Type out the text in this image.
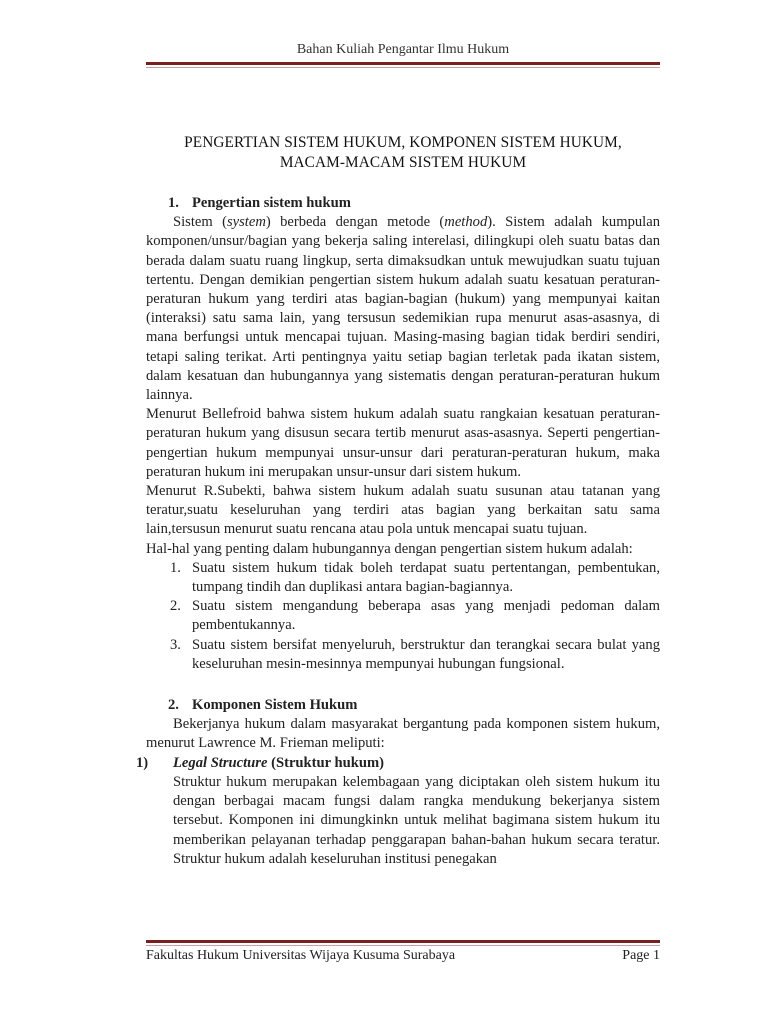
Bahan Kuliah Pengantar Ilmu Hukum
PENGERTIAN SISTEM HUKUM, KOMPONEN SISTEM HUKUM,
MACAM-MACAM SISTEM HUKUM
1. Pengertian sistem hukum

Sistem (system) berbeda dengan metode (method). Sistem adalah kumpulan komponen/unsur/bagian yang bekerja saling interelasi, dilingkupi oleh suatu batas dan berada dalam suatu ruang lingkup, serta dimaksudkan untuk mewujudkan suatu tujuan tertentu. Dengan demikian pengertian sistem hukum adalah suatu kesatuan peraturan-peraturan hukum yang terdiri atas bagian-bagian (hukum) yang mempunyai kaitan (interaksi) satu sama lain, yang tersusun sedemikian rupa menurut asas-asasnya, di mana berfungsi untuk mencapai tujuan. Masing-masing bagian tidak berdiri sendiri, tetapi saling terikat. Arti pentingnya yaitu setiap bagian terletak pada ikatan sistem, dalam kesatuan dan hubungannya yang sistematis dengan peraturan-peraturan hukum lainnya.

Menurut Bellefroid bahwa sistem hukum adalah suatu rangkaian kesatuan peraturan-peraturan hukum yang disusun secara tertib menurut asas-asasnya. Seperti pengertian-pengertian hukum mempunyai unsur-unsur dari peraturan-peraturan hukum, maka peraturan hukum ini merupakan unsur-unsur dari sistem hukum.

Menurut R.Subekti, bahwa sistem hukum adalah suatu susunan atau tatanan yang teratur,suatu keseluruhan yang terdiri atas bagian yang berkaitan satu sama lain,tersusun menurut suatu rencana atau pola untuk mencapai suatu tujuan.

Hal-hal yang penting dalam hubungannya dengan pengertian sistem hukum adalah:

1. Suatu sistem hukum tidak boleh terdapat suatu pertentangan, pembentukan, tumpang tindih dan duplikasi antara bagian-bagiannya.
2. Suatu sistem mengandung beberapa asas yang menjadi pedoman dalam pembentukannya.
3. Suatu sistem bersifat menyeluruh, berstruktur dan terangkai secara bulat yang keseluruhan mesin-mesinnya mempunyai hubungan fungsional.
2. Komponen Sistem Hukum

Bekerjanya hukum dalam masyarakat bergantung pada komponen sistem hukum, menurut Lawrence M. Frieman meliputi:

1) Legal Structure (Struktur hukum)

Struktur hukum merupakan kelembagaan yang diciptakan oleh sistem hukum itu dengan berbagai macam fungsi dalam rangka mendukung bekerjanya sistem tersebut. Komponen ini dimungkinkn untuk melihat bagimana sistem hukum itu memberikan pelayanan terhadap penggarapan bahan-bahan hukum secara teratur. Struktur hukum adalah keseluruhan institusi penegakan

Fakultas Hukum Universitas Wijaya Kusuma Surabaya	Page 1
